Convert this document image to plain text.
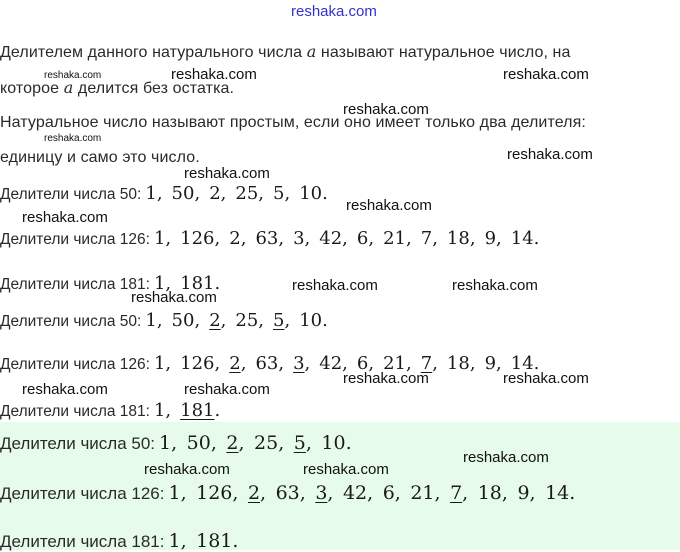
reshaka.com
Делителем данного натурального числа a называют натуральное число, на
которое a делится без остатка.
Натуральное число называют простым, если оно имеет только два делителя:
единицу и само это число.
Делители числа 50: 1, 50, 2, 25, 5, 10.
Делители числа 126: 1, 126, 2, 63, 3, 42, 6, 21, 7, 18, 9, 14.
Делители числа 181: 1, 181.
Делители числа 50: 1, 50, 2, 25, 5, 10.
Делители числа 126: 1, 126, 2, 63, 3, 42, 6, 21, 7, 18, 9, 14.
Делители числа 181: 1, 181.
Делители числа 50: 1, 50, 2, 25, 5, 10.
Делители числа 126: 1, 126, 2, 63, 3, 42, 6, 21, 7, 18, 9, 14.
Делители числа 181: 1, 181.
reshaka.com	reshaka.com	reshaka.com
reshaka.com
reshaka.com
reshaka.com
reshaka.com
reshaka.com
reshaka.com
reshaka.com	reshaka.com
reshaka.com
reshaka.com	reshaka.com
reshaka.com	reshaka.com
reshaka.com	reshaka.com
reshaka.com
